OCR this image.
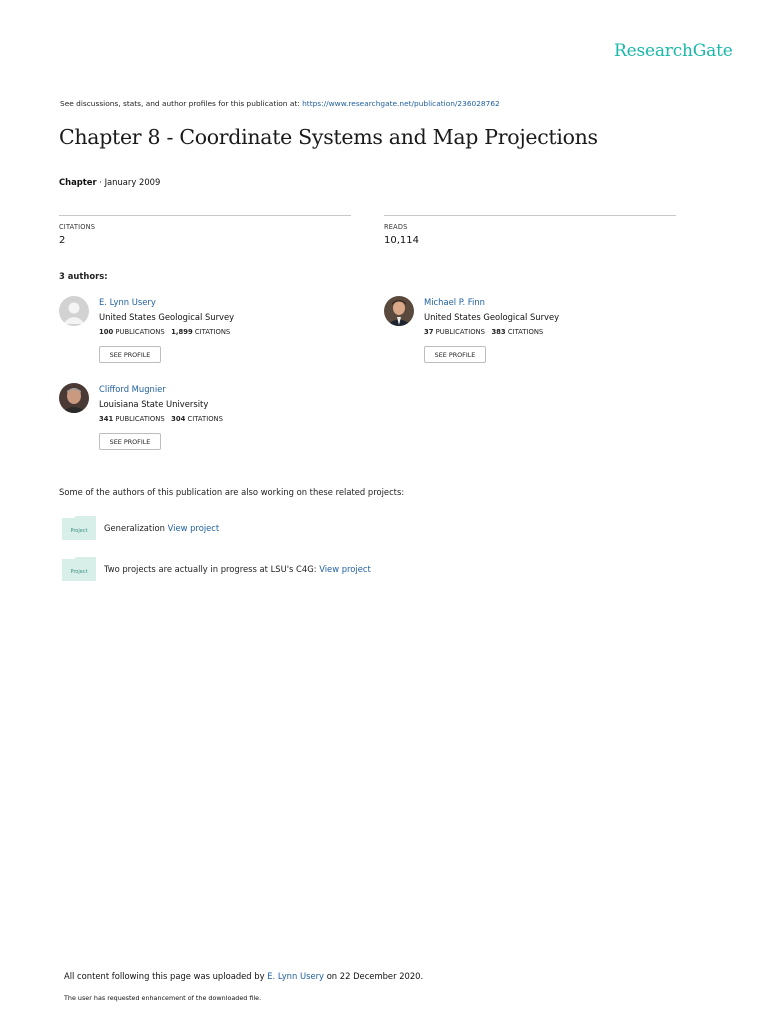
ResearchGate
See discussions, stats, and author profiles for this publication at: https://www.researchgate.net/publication/236028762
Chapter 8 - Coordinate Systems and Map Projections
Chapter · January 2009
CITATIONS
2
READS
10,114
3 authors:
E. Lynn Usery
United States Geological Survey
100 PUBLICATIONS 1,899 CITATIONS
SEE PROFILE
Michael P. Finn
United States Geological Survey
37 PUBLICATIONS 383 CITATIONS
SEE PROFILE
Clifford Mugnier
Louisiana State University
341 PUBLICATIONS 304 CITATIONS
SEE PROFILE
Some of the authors of this publication are also working on these related projects:
Project Generalization View project
Project Two projects are actually in progress at LSU's C4G: View project
All content following this page was uploaded by E. Lynn Usery on 22 December 2020.
The user has requested enhancement of the downloaded file.
